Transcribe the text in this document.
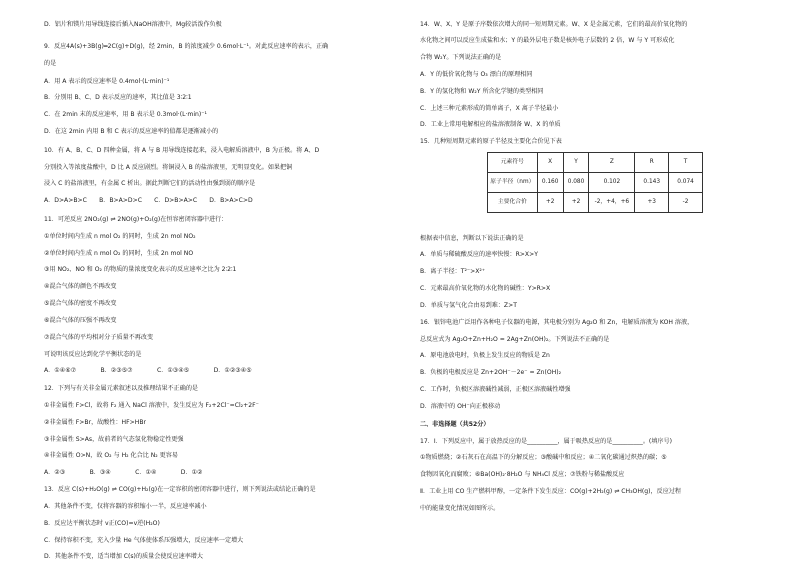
D．铝片和镁片用导线连接后插入NaOH溶液中，Mg较活泼作负极
9．反应4A(s)+3B(g)═2C(g)+D(g)，经 2min，B 的浓度减少 0.6mol·L⁻¹。对此反应速率的表示，正确
的是
A．用 A 表示的反应速率是 0.4mol·(L·min)⁻¹
B．分别用 B、C、D 表示反应的速率，其比值是 3∶2∶1
C．在 2min 末的反应速率，用 B 表示是 0.3mol·(L·min)⁻¹
D．在这 2min 内用 B 和 C 表示的反应速率的值都是逐渐减小的
10．有 A、B、C、D 四种金属，将 A 与 B 用导线连接起来，浸入电解质溶液中，B 为正极。将 A、D
分别投入等浓度盐酸中，D 比 A 反应剧烈。将铜浸入 B 的盐溶液里，无明显变化。如果把铜
浸入 C 的盐溶液里，有金属 C 析出。据此判断它们的活动性由强到弱的顺序是
A．D>A>B>C　　B．B>A>D>C　　C．D>B>A>C　　D．B>A>C>D
11．可逆反应 2NO₂(g) ⇌ 2NO(g)+O₂(g)在恒容密闭容器中进行：
①单位时间内生成 n mol O₂ 的同时，生成 2n mol NO₂
②单位时间内生成 n mol O₂ 的同时，生成 2n mol NO
③用 NO₂、NO 和 O₂ 的物质的量浓度变化表示的反应速率之比为 2∶2∶1
④混合气体的颜色不再改变
⑤混合气体的密度不再改变
⑥混合气体的压强不再改变
⑦混合气体的平均相对分子质量不再改变
可说明该反应达到化学平衡状态的是
A．①④⑥⑦　　　　B．②③⑤⑦　　　　C．①③④⑤　　　　D．①②③④⑤
12．下列与有关非金属元素叙述以及推理结果不正确的是
①非金属性 F>Cl，故将 F₂ 通入 NaCl 溶液中，发生反应为 F₂+2Cl⁻=Cl₂+2F⁻
②非金属性 F>Br，故酸性：HF>HBr
③非金属性 S>As，故前者的气态氢化物稳定性更强
④非金属性 O>N，故 O₂ 与 H₂ 化合比 N₂ 更容易
A．②③　　　　B．③④　　　　C．①④　　　　D．①②
13．反应 C(s)+H₂O(g) ⇌ CO(g)+H₂(g)在一定容积的密闭容器中进行，则下列说法或结论正确的是
A．其他条件不变，仅将容器的容积缩小一半，反应速率减小
B．反应达平衡状态时 v正(CO)=v逆(H₂O)
C．保持容积不变，充入少量 He 气体使体系压强增大，反应速率一定增大
D．其他条件不变，适当增加 C(s)的质量会使反应速率增大
14．W、X、Y 是原子序数依次增大的同一短周期元素。W、X 是金属元素，它们的最高价氧化物的
水化物之间可以反应生成盐和水；Y 的最外层电子数是核外电子层数的 2 倍，W 与 Y 可形成化
合物 W₂Y。下列说法正确的是
A．Y 的低价氧化物与 O₃ 漂白的原理相同
B．Y 的氢化物和 W₂Y 所含化学键的类型相同
C．上述三种元素形成的简单离子，X 离子半径最小
D．工业上常用电解相应的盐溶液制备 W、X 的单质
15．几种短周期元素的原子半径及主要化合价见下表
根据表中信息，判断以下说法正确的是
A．单质与稀硫酸反应的速率快慢：R>X>Y
B．离子半径：T²⁻>X²⁺
C．元素最高价氧化物的水化物的碱性：Y>R>X
D．单质与氢气化合由易到难：Z>T
16．银锌电池广泛用作各种电子仪器的电源，其电极分别为 Ag₂O 和 Zn，电解质溶液为 KOH 溶液，
总反应式为 Ag₂O+Zn+H₂O = 2Ag+Zn(OH)₂。下列说法不正确的是
A．原电池放电时，负极上发生反应的物质是 Zn
B．负极的电极反应是 Zn+2OH⁻－2e⁻ = Zn(OH)₂
C．工作时，负极区溶液碱性减弱，正极区溶液碱性增强
D．溶液中的 OH⁻向正极移动
二、非选择题（共52分）
17．Ⅰ．下列反应中，属于放热反应的是__________，属于吸热反应的是__________。(填序号)
①物质燃烧；②石灰石在高温下的分解反应；③酸碱中和反应；④二氧化碳通过炽热的碳；⑤
食物因氧化而腐败；⑥Ba(OH)₂·8H₂O 与 NH₄Cl 反应；⑦铁粉与稀盐酸反应
Ⅱ．工业上用 CO 生产燃料甲醇，一定条件下发生反应：CO(g)+2H₂(g) ⇌ CH₃OH(g)，反应过程
中的能量变化情况如图所示。
元素符号	X	Y	Z	R	T
原子半径（nm）	0.160	0.080	0.102	0.143	0.074
主要化合价	+2	+2	-2，+4，+6	+3	-2
